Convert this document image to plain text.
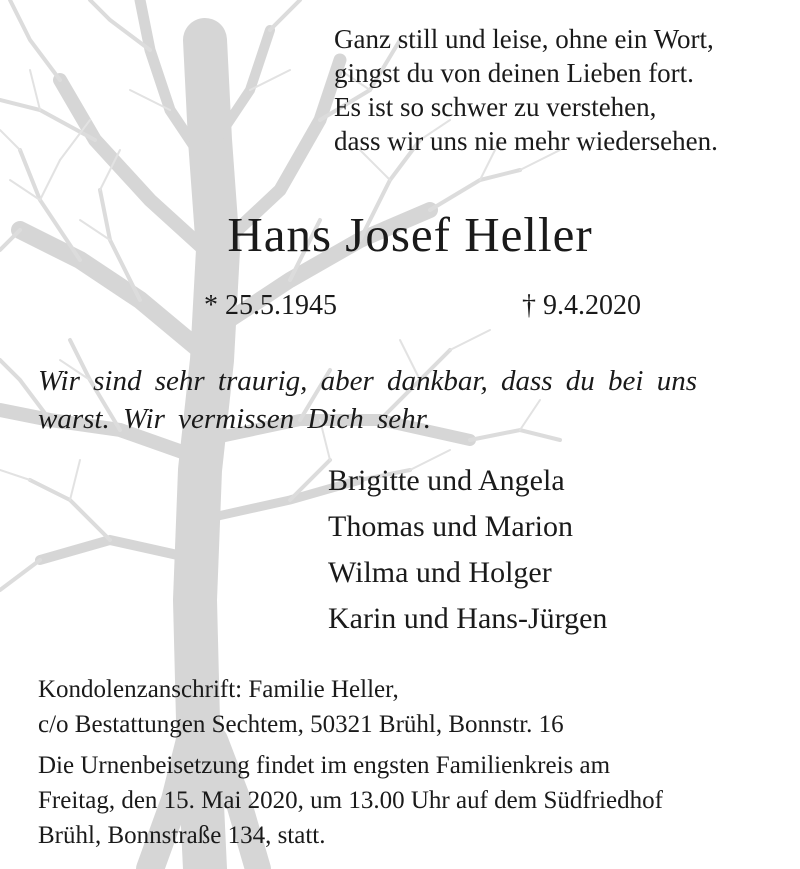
Ganz still und leise, ohne ein Wort,
gingst du von deinen Lieben fort.
Es ist so schwer zu verstehen,
dass wir uns nie mehr wiedersehen.
Hans Josef Heller
* 25.5.1945	† 9.4.2020
Wir sind sehr traurig, aber dankbar, dass du bei uns
warst. Wir vermissen Dich sehr.
Brigitte und Angela
Thomas und Marion
Wilma und Holger
Karin und Hans-Jürgen
Kondolenzanschrift: Familie Heller,
c/o Bestattungen Sechtem, 50321 Brühl, Bonnstr. 16
Die Urnenbeisetzung findet im engsten Familienkreis am
Freitag, den 15. Mai 2020, um 13.00 Uhr auf dem Südfriedhof
Brühl, Bonnstraße 134, statt.
